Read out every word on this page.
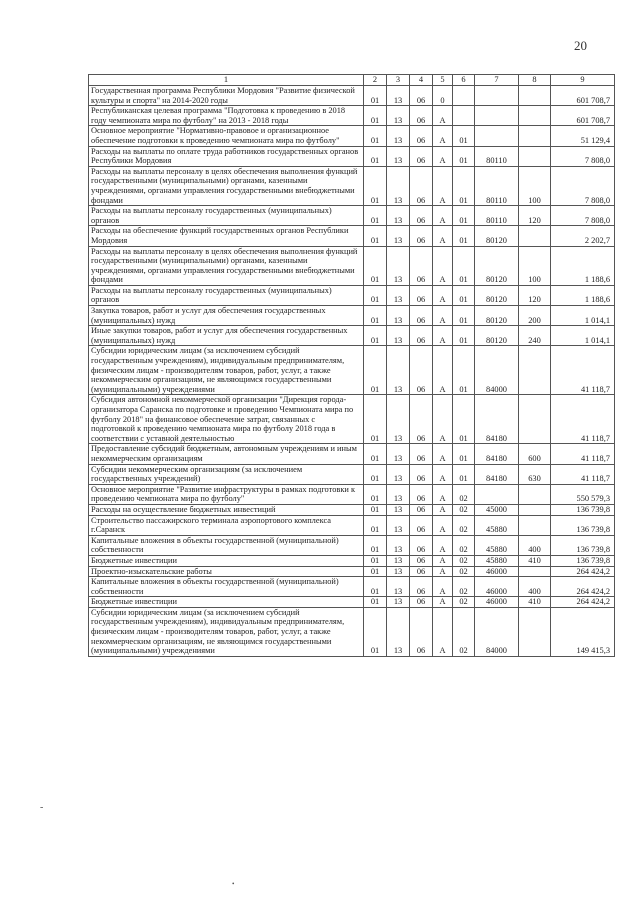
20
1	2	3	4	5	6	7	8	9
Государственная программа Республики Мордовия "Развитие физической культуры и спорта" на 2014-2020 годы	01	13	06	0				601 708,7
Республиканская целевая программа "Подготовка к проведению в 2018 году чемпионата мира по футболу" на 2013 - 2018 годы	01	13	06	А				601 708,7
Основное мероприятие "Нормативно-правовое и организационное обеспечение подготовки к проведению чемпионата мира по футболу"	01	13	06	А	01			51 129,4
Расходы на выплаты по оплате труда работников государственных органов Республики Мордовия	01	13	06	А	01	80110		7 808,0
Расходы на выплаты персоналу в целях обеспечения выполнения функций государственными (муниципальными) органами, казенными учреждениями, органами управления государственными внебюджетными фондами	01	13	06	А	01	80110	100	7 808,0
Расходы на выплаты персоналу государственных (муниципальных) органов	01	13	06	А	01	80110	120	7 808,0
Расходы на обеспечение функций государственных органов Республики Мордовия	01	13	06	А	01	80120		2 202,7
Расходы на выплаты персоналу в целях обеспечения выполнения функций государственными (муниципальными) органами, казенными учреждениями, органами управления государственными внебюджетными фондами	01	13	06	А	01	80120	100	1 188,6
Расходы на выплаты персоналу государственных (муниципальных) органов	01	13	06	А	01	80120	120	1 188,6
Закупка товаров, работ и услуг для обеспечения государственных (муниципальных) нужд	01	13	06	А	01	80120	200	1 014,1
Иные закупки товаров, работ и услуг для обеспечения государственных (муниципальных) нужд	01	13	06	А	01	80120	240	1 014,1
Субсидии юридическим лицам (за исключением субсидий государственным учреждениям), индивидуальным предпринимателям, физическим лицам - производителям товаров, работ, услуг, а также некоммерческим организациям, не являющимся государственными (муниципальными) учреждениями	01	13	06	А	01	84000		41 118,7
Субсидия автономной некоммерческой организации "Дирекция города-организатора Саранска по подготовке и проведению Чемпионата мира по футболу 2018" на финансовое обеспечение затрат, связанных с подготовкой к проведению чемпионата мира по футболу 2018 года в соответствии с уставной деятельностью	01	13	06	А	01	84180		41 118,7
Предоставление субсидий бюджетным, автономным учреждениям и иным некоммерческим организациям	01	13	06	А	01	84180	600	41 118,7
Субсидии некоммерческим организациям (за исключением государственных учреждений)	01	13	06	А	01	84180	630	41 118,7
Основное мероприятие "Развитие инфраструктуры в рамках подготовки к проведению чемпионата мира по футболу"	01	13	06	А	02			550 579,3
Расходы на осуществление бюджетных инвестиций	01	13	06	А	02	45000		136 739,8
Строительство пассажирского терминала аэропортового комплекса г.Саранск	01	13	06	А	02	45880		136 739,8
Капитальные вложения в объекты государственной (муниципальной) собственности	01	13	06	А	02	45880	400	136 739,8
Бюджетные инвестиции	01	13	06	А	02	45880	410	136 739,8
Проектно-изыскательские работы	01	13	06	А	02	46000		264 424,2
Капитальные вложения в объекты государственной (муниципальной) собственности	01	13	06	А	02	46000	400	264 424,2
Бюджетные инвестиции	01	13	06	А	02	46000	410	264 424,2
Субсидии юридическим лицам (за исключением субсидий государственным учреждениям), индивидуальным предпринимателям, физическим лицам - производителям товаров, работ, услуг, а также некоммерческим организациям, не являющимся государственными (муниципальными) учреждениями	01	13	06	А	02	84000		149 415,3
-
•
